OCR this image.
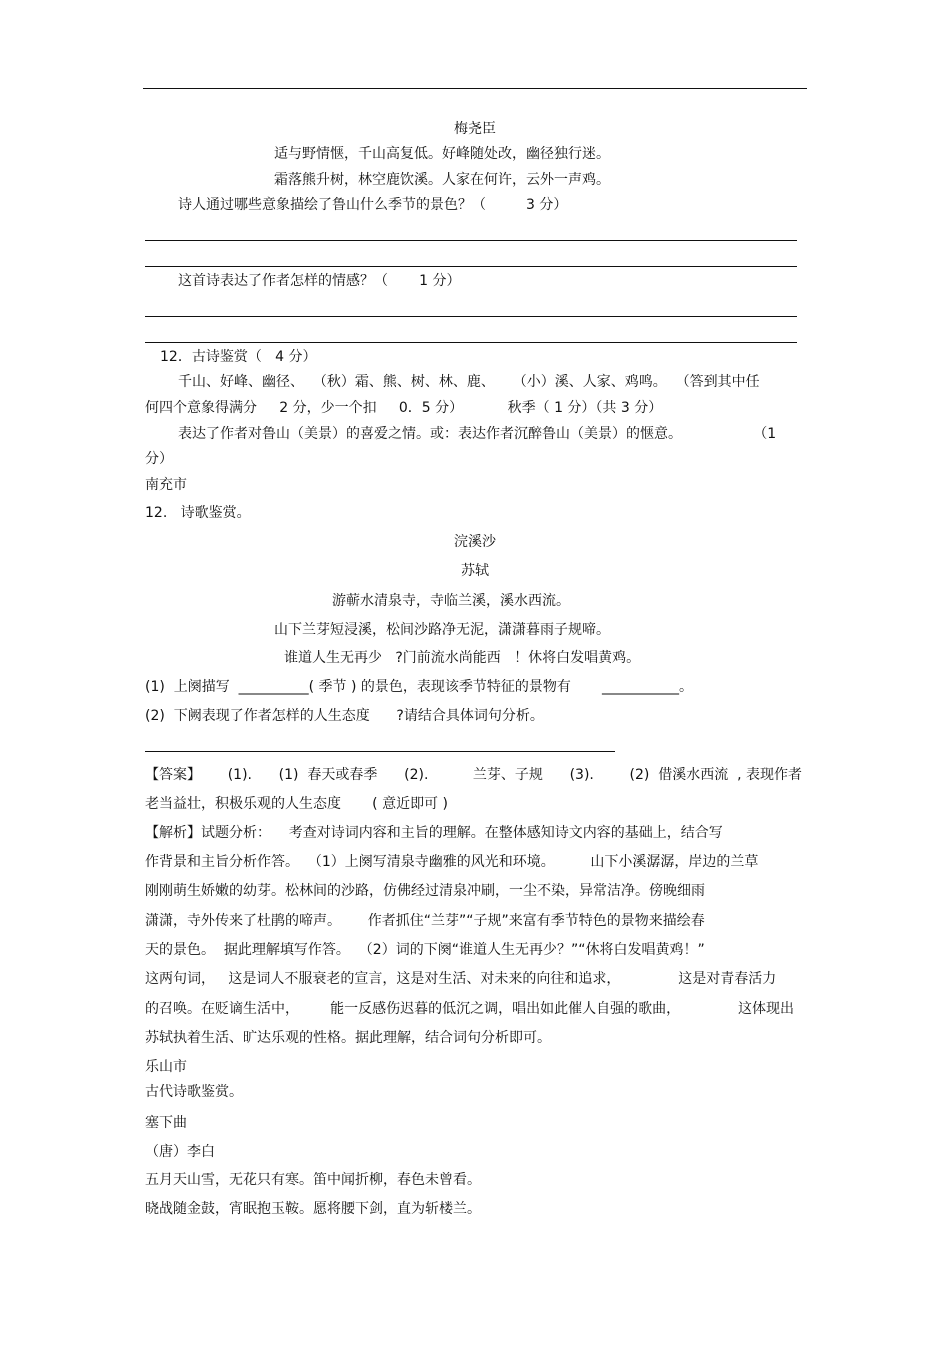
梅尧臣
适与野情惬，千山高复低。好峰随处改，幽径独行迷。
霜落熊升树，林空鹿饮溪。人家在何许，云外一声鸡。
诗人通过哪些意象描绘了鲁山什么季节的景色？（         3 分）
这首诗表达了作者怎样的情感？（       1 分）
12．古诗鉴赏（   4 分）
千山、好峰、幽径、  （秋）霜、熊、树、林、鹿、    （小）溪、人家、鸡鸣。  （答到其中任
何四个意象得满分     2 分，少一个扣     0．5 分）          秋季（ 1 分）（共 3 分）
表达了作者对鲁山（美景）的喜爱之情。或：表达作者沉醉鲁山（美景）的惬意。                （1
分）
南充市
12.   诗歌鉴赏。
浣溪沙
苏轼
游蕲水清泉寺，寺临兰溪，溪水西流。
山下兰芽短浸溪，松间沙路净无泥，潇潇暮雨子规啼。
谁道人生无再少   ?门前流水尚能西   ！休将白发唱黄鸡。
(1)  上阕描写  __________( 季节 ) 的景色，表现该季节特征的景物有       ___________。
(2)  下阙表现了作者怎样的人生态度      ?请结合具体词句分析。
【答案】      (1).      (1)  春天或春季      (2).          兰芽、子规      (3).        (2)  借溪水西流  , 表现作者
老当益壮，积极乐观的人生态度       ( 意近即可 )
【解析】试题分析：    考查对诗词内容和主旨的理解。在整体感知诗文内容的基础上，结合写
作背景和主旨分析作答。  （1）上阕写清泉寺幽雅的风光和环境。        山下小溪潺潺，岸边的兰草
刚刚萌生娇嫩的幼芽。松林间的沙路，仿佛经过清泉冲刷，一尘不染，异常洁净。傍晚细雨
潇潇，寺外传来了杜鹃的啼声。      作者抓住“兰芽”“子规”来富有季节特色的景物来描绘春
天的景色。  据此理解填写作答。  （2）词的下阕“谁道人生无再少？”“休将白发唱黄鸡！”
这两句词，   这是词人不服衰老的宣言，这是对生活、对未来的向往和追求，             这是对青春活力
的召唤。在贬谪生活中，       能一反感伤迟暮的低沉之调，唱出如此催人自强的歌曲，             这体现出
苏轼执着生活、旷达乐观的性格。据此理解，结合词句分析即可。
乐山市
古代诗歌鉴赏。
塞下曲
（唐）李白
五月天山雪，无花只有寒。笛中闻折柳，春色未曾看。
晓战随金鼓，宵眠抱玉鞍。愿将腰下剑，直为斩楼兰。
